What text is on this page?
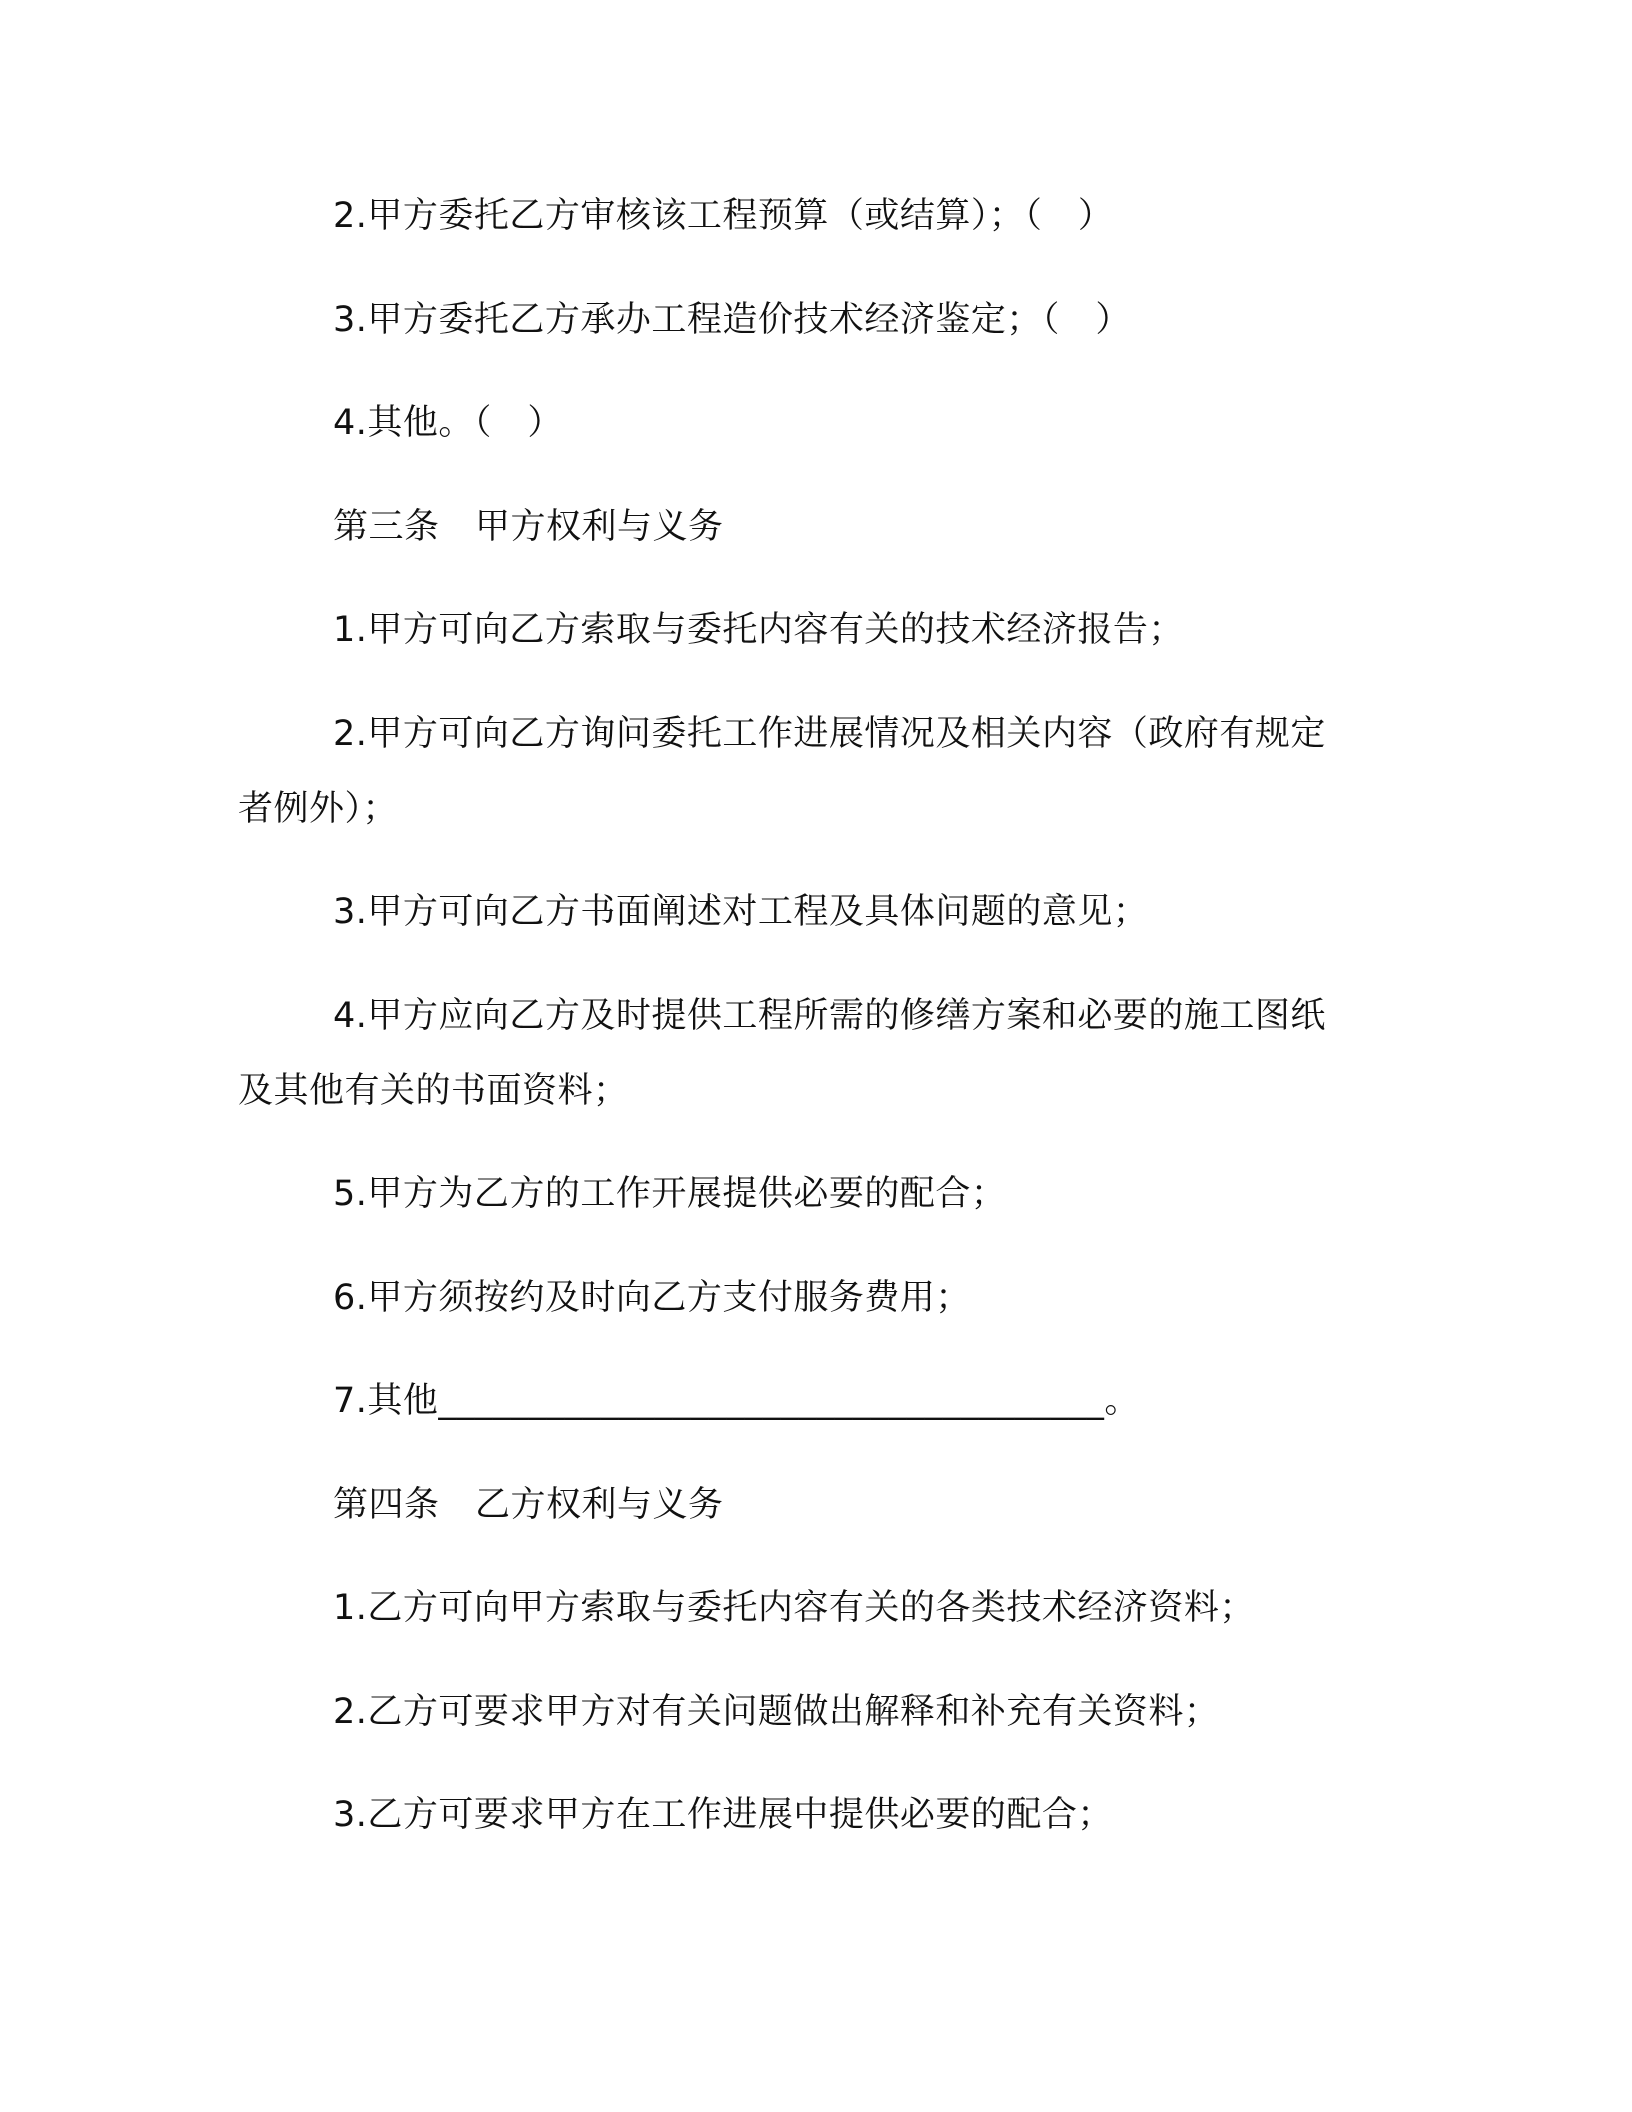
2.甲方委托乙方审核该工程预算（或结算）；（　）
3.甲方委托乙方承办工程造价技术经济鉴定；（　）
4.其他。（　）
第三条　甲方权利与义务
1.甲方可向乙方索取与委托内容有关的技术经济报告；
2.甲方可向乙方询问委托工作进展情况及相关内容（政府有规定
者例外）；
3.甲方可向乙方书面阐述对工程及具体问题的意见；
4.甲方应向乙方及时提供工程所需的修缮方案和必要的施工图纸
及其他有关的书面资料；
5.甲方为乙方的工作开展提供必要的配合；
6.甲方须按约及时向乙方支付服务费用；
7.其他_____________________________________。
第四条　乙方权利与义务
1.乙方可向甲方索取与委托内容有关的各类技术经济资料；
2.乙方可要求甲方对有关问题做出解释和补充有关资料；
3.乙方可要求甲方在工作进展中提供必要的配合；
